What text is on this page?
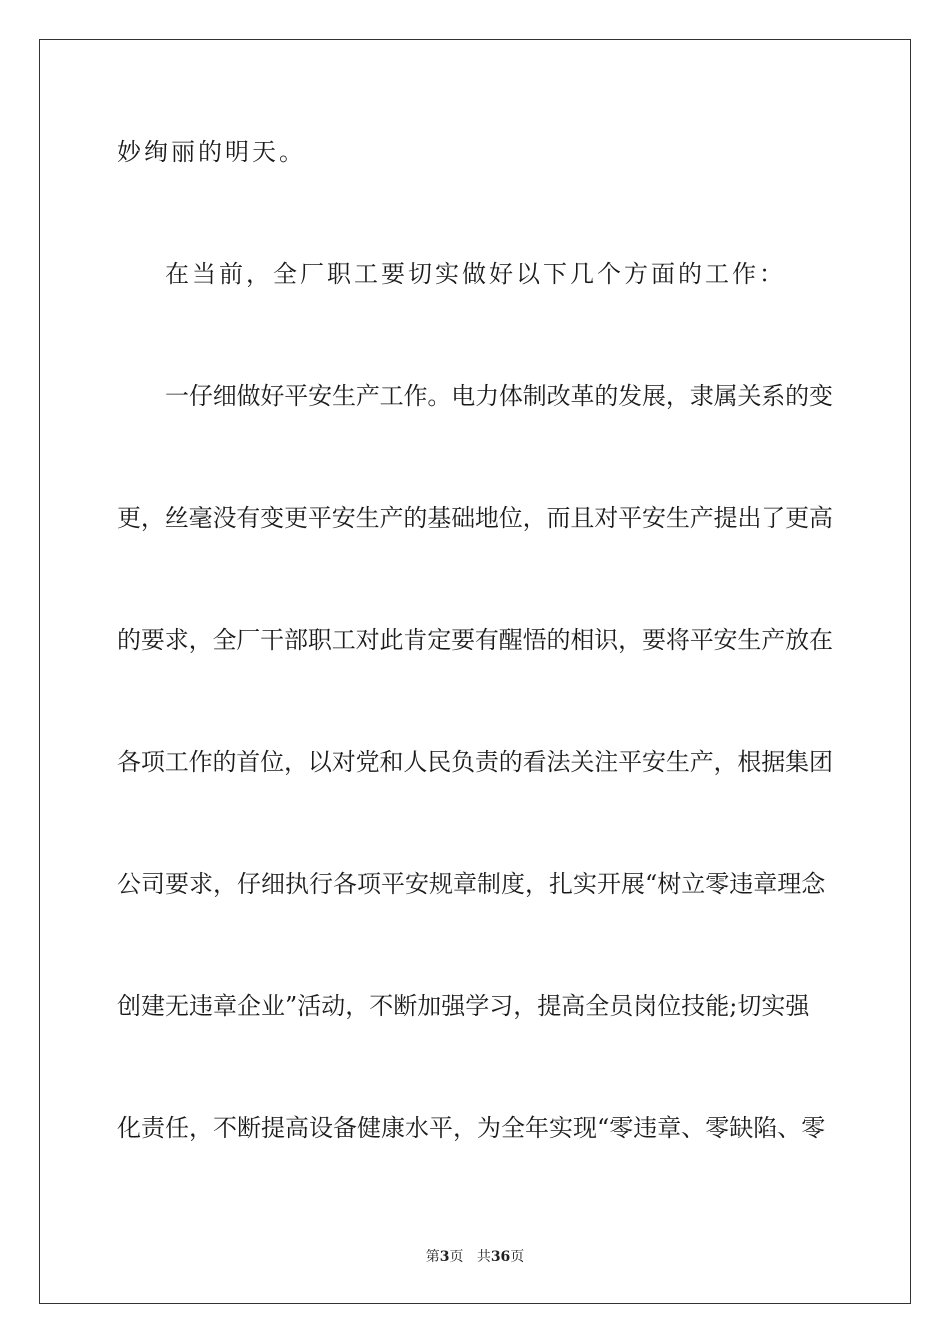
妙绚丽的明天。
在当前，全厂职工要切实做好以下几个方面的工作：
一仔细做好平安生产工作。电力体制改革的发展，隶属关系的变
更，丝毫没有变更平安生产的基础地位，而且对平安生产提出了更高
的要求，全厂干部职工对此肯定要有醒悟的相识，要将平安生产放在
各项工作的首位，以对党和人民负责的看法关注平安生产，根据集团
公司要求，仔细执行各项平安规章制度，扎实开展“树立零违章理念
创建无违章企业”活动，不断加强学习，提高全员岗位技能;切实强
化责任，不断提高设备健康水平，为全年实现“零违章、零缺陷、零
第3页 共36页
